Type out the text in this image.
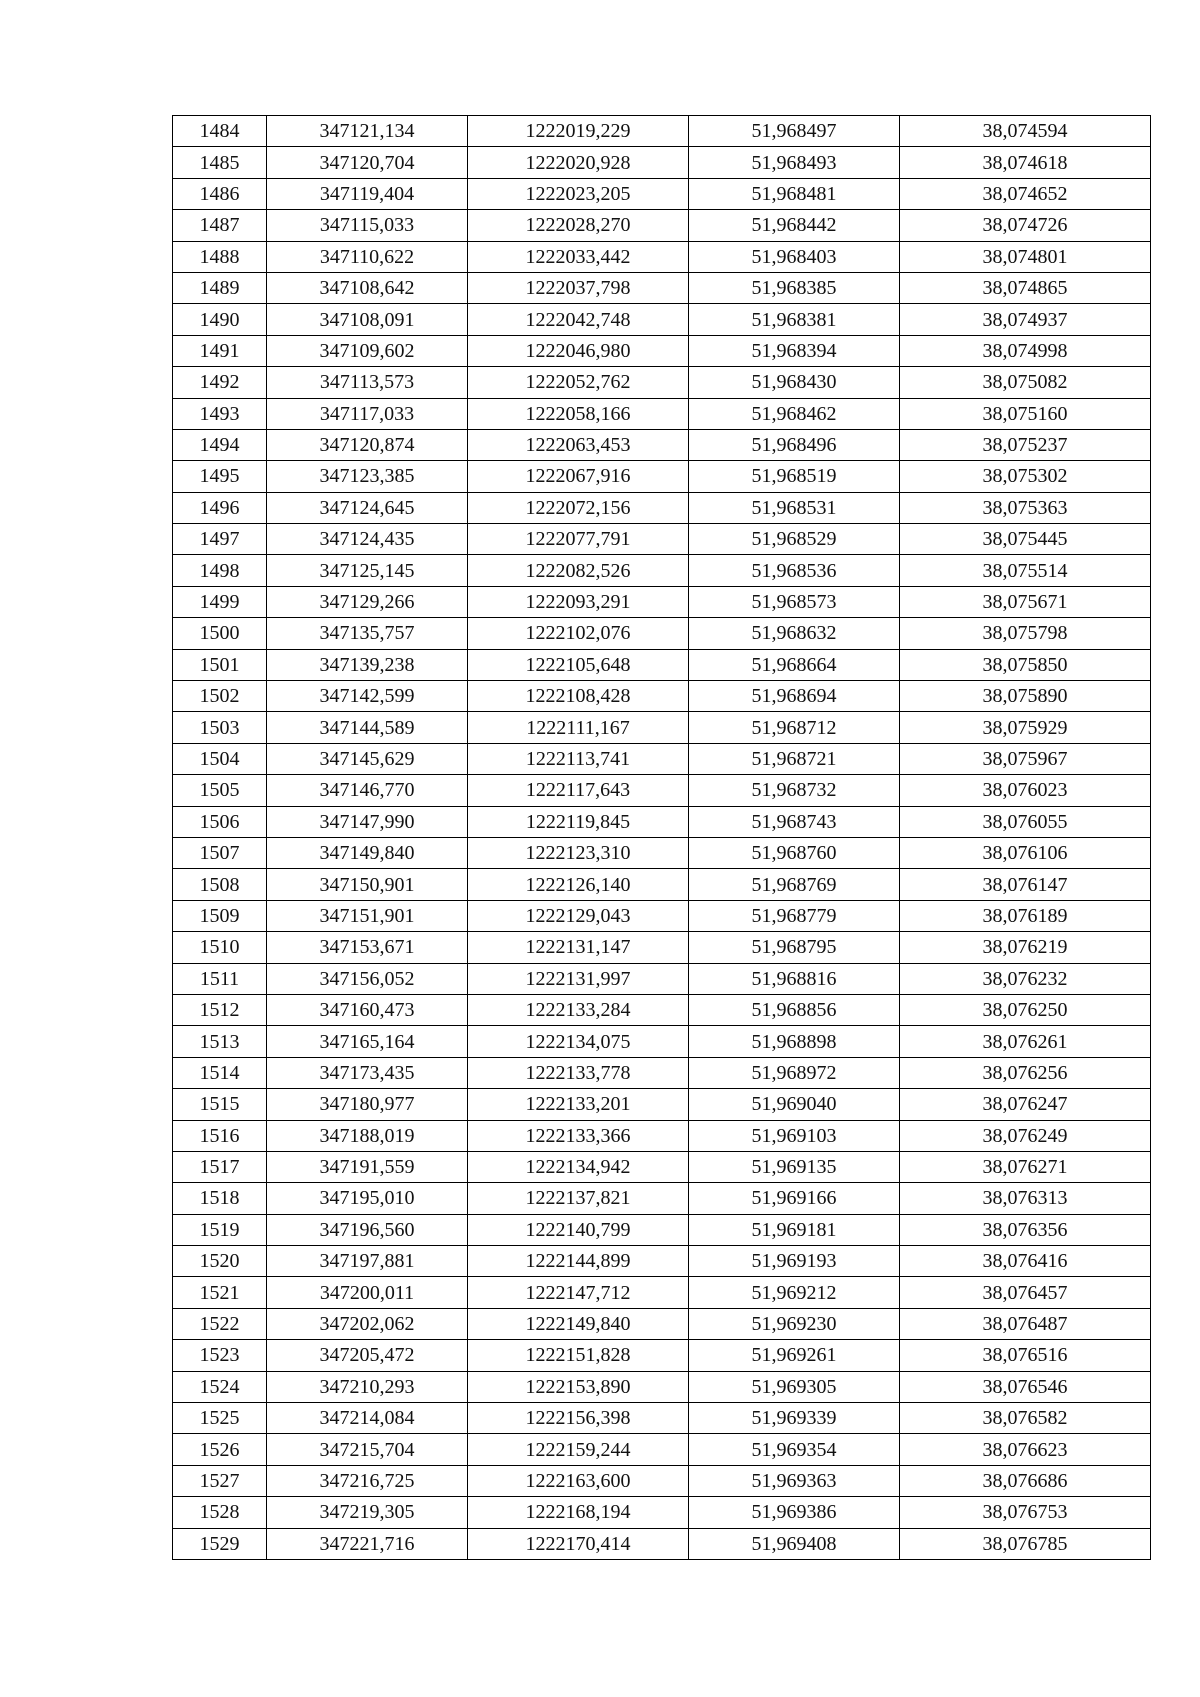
1484	347121,134	1222019,229	51,968497	38,074594
1485	347120,704	1222020,928	51,968493	38,074618
1486	347119,404	1222023,205	51,968481	38,074652
1487	347115,033	1222028,270	51,968442	38,074726
1488	347110,622	1222033,442	51,968403	38,074801
1489	347108,642	1222037,798	51,968385	38,074865
1490	347108,091	1222042,748	51,968381	38,074937
1491	347109,602	1222046,980	51,968394	38,074998
1492	347113,573	1222052,762	51,968430	38,075082
1493	347117,033	1222058,166	51,968462	38,075160
1494	347120,874	1222063,453	51,968496	38,075237
1495	347123,385	1222067,916	51,968519	38,075302
1496	347124,645	1222072,156	51,968531	38,075363
1497	347124,435	1222077,791	51,968529	38,075445
1498	347125,145	1222082,526	51,968536	38,075514
1499	347129,266	1222093,291	51,968573	38,075671
1500	347135,757	1222102,076	51,968632	38,075798
1501	347139,238	1222105,648	51,968664	38,075850
1502	347142,599	1222108,428	51,968694	38,075890
1503	347144,589	1222111,167	51,968712	38,075929
1504	347145,629	1222113,741	51,968721	38,075967
1505	347146,770	1222117,643	51,968732	38,076023
1506	347147,990	1222119,845	51,968743	38,076055
1507	347149,840	1222123,310	51,968760	38,076106
1508	347150,901	1222126,140	51,968769	38,076147
1509	347151,901	1222129,043	51,968779	38,076189
1510	347153,671	1222131,147	51,968795	38,076219
1511	347156,052	1222131,997	51,968816	38,076232
1512	347160,473	1222133,284	51,968856	38,076250
1513	347165,164	1222134,075	51,968898	38,076261
1514	347173,435	1222133,778	51,968972	38,076256
1515	347180,977	1222133,201	51,969040	38,076247
1516	347188,019	1222133,366	51,969103	38,076249
1517	347191,559	1222134,942	51,969135	38,076271
1518	347195,010	1222137,821	51,969166	38,076313
1519	347196,560	1222140,799	51,969181	38,076356
1520	347197,881	1222144,899	51,969193	38,076416
1521	347200,011	1222147,712	51,969212	38,076457
1522	347202,062	1222149,840	51,969230	38,076487
1523	347205,472	1222151,828	51,969261	38,076516
1524	347210,293	1222153,890	51,969305	38,076546
1525	347214,084	1222156,398	51,969339	38,076582
1526	347215,704	1222159,244	51,969354	38,076623
1527	347216,725	1222163,600	51,969363	38,076686
1528	347219,305	1222168,194	51,969386	38,076753
1529	347221,716	1222170,414	51,969408	38,076785
